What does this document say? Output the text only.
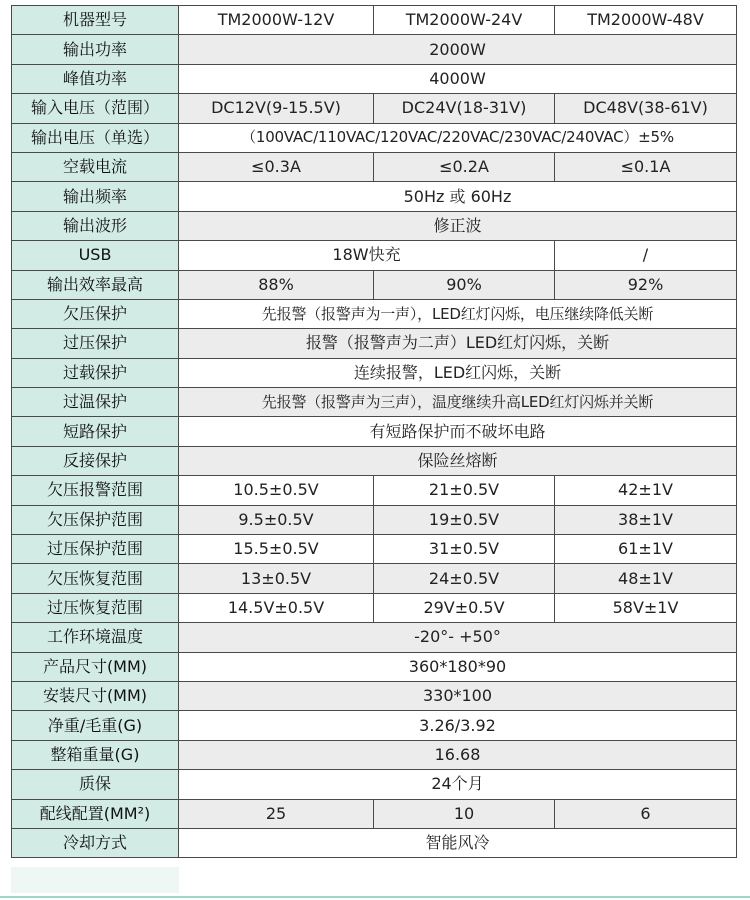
机器型号	TM2000W-12V	TM2000W-24V	TM2000W-48V
输出功率	2000W		
峰值功率	4000W		
输入电压（范围）	DC12V(9-15.5V)	DC24V(18-31V)	DC48V(38-61V)
输出电压（单选）	（100VAC/110VAC/120VAC/220VAC/230VAC/240VAC）±5%		
空载电流	≤0.3A	≤0.2A	≤0.1A
输出频率	50Hz 或 60Hz		
输出波形	修正波		
USB	18W快充		/
输出效率最高	88%	90%	92%
欠压保护	先报警（报警声为一声），LED红灯闪烁，电压继续降低关断		
过压保护	报警（报警声为二声）LED红灯闪烁，关断		
过载保护	连续报警，LED红闪烁，关断		
过温保护	先报警（报警声为三声），温度继续升高LED红灯闪烁并关断		
短路保护	有短路保护而不破坏电路		
反接保护	保险丝熔断		
欠压报警范围	10.5±0.5V	21±0.5V	42±1V
欠压保护范围	9.5±0.5V	19±0.5V	38±1V
过压保护范围	15.5±0.5V	31±0.5V	61±1V
欠压恢复范围	13±0.5V	24±0.5V	48±1V
过压恢复范围	14.5V±0.5V	29V±0.5V	58V±1V
工作环境温度	-20°- +50°		
产品尺寸(MM)	360*180*90		
安装尺寸(MM)	330*100		
净重/毛重(G)	3.26/3.92		
整箱重量(G)	16.68		
质保	24个月		
配线配置(MM²)	25	10	6
冷却方式	智能风冷		
